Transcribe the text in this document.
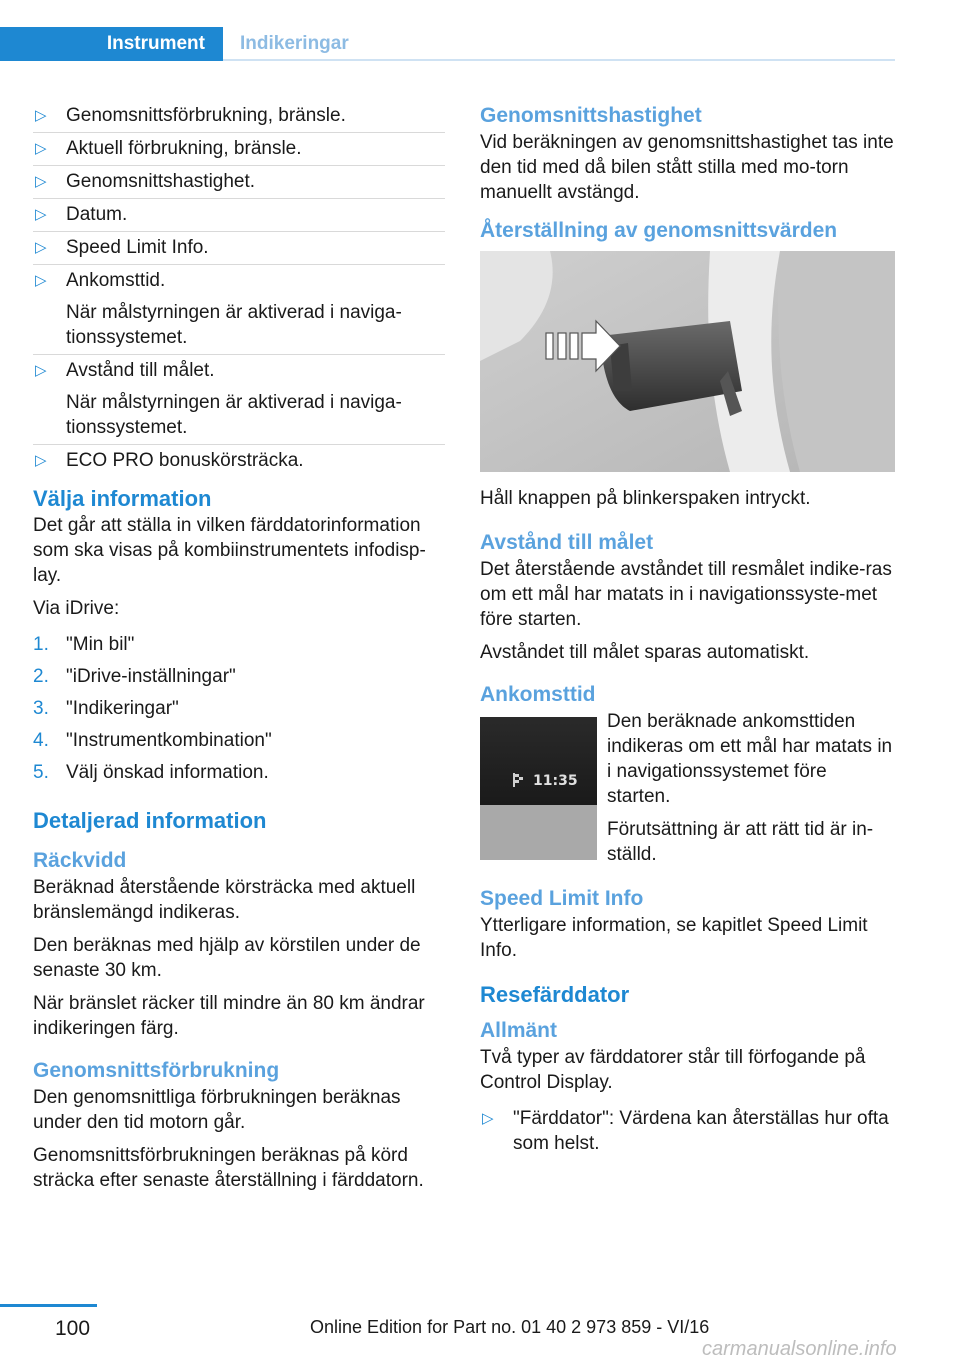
Instrument	Indikeringar
▷ Genomsnittsförbrukning, bränsle.
▷ Aktuell förbrukning, bränsle.
▷ Genomsnittshastighet.
▷ Datum.
▷ Speed Limit Info.
▷ Ankomsttid.
När målstyrningen är aktiverad i naviga-tionssystemet.
▷ Avstånd till målet.
När målstyrningen är aktiverad i naviga-tionssystemet.
▷ ECO PRO bonuskörsträcka.
Välja information

Det går att ställa in vilken färddatorinformation som ska visas på kombiinstrumentets infodisp-lay.

Via iDrive:

1. "Min bil"
2. "iDrive-inställningar"
3. "Indikeringar"
4. "Instrumentkombination"
5. Välj önskad information.
Detaljerad information
Räckvidd

Beräknad återstående körsträcka med aktuell bränslemängd indikeras.

Den beräknas med hjälp av körstilen under de senaste 30 km.

När bränslet räcker till mindre än 80 km ändrar indikeringen färg.

Genomsnittsförbrukning

Den genomsnittliga förbrukningen beräknas under den tid motorn går.

Genomsnittsförbrukningen beräknas på körd sträcka efter senaste återställning i färddatorn.

Genomsnittshastighet

Vid beräkningen av genomsnittshastighet tas inte den tid med då bilen stått stilla med mo-torn manuellt avstängd.

Återställning av genomsnittsvärden

Håll knappen på blinkerspaken intryckt.

Avstånd till målet

Det återstående avståndet till resmålet indike-ras om ett mål har matats in i navigationssyste-met före starten.

Avståndet till målet sparas automatiskt.

Ankomsttid
11:35

Den beräknade ankomsttiden indikeras om ett mål har matats in i navigationssystemet före starten.

Förutsättning är att rätt tid är in-ställd.

Speed Limit Info

Ytterligare information, se kapitlet Speed Limit Info.

Resefärddator
Allmänt

Två typer av färddatorer står till förfogande på Control Display.

▷ "Färddator": Värdena kan återställas hur ofta som helst.
100	Online Edition for Part no. 01 40 2 973 859 - VI/16
carmanualsonline.info
